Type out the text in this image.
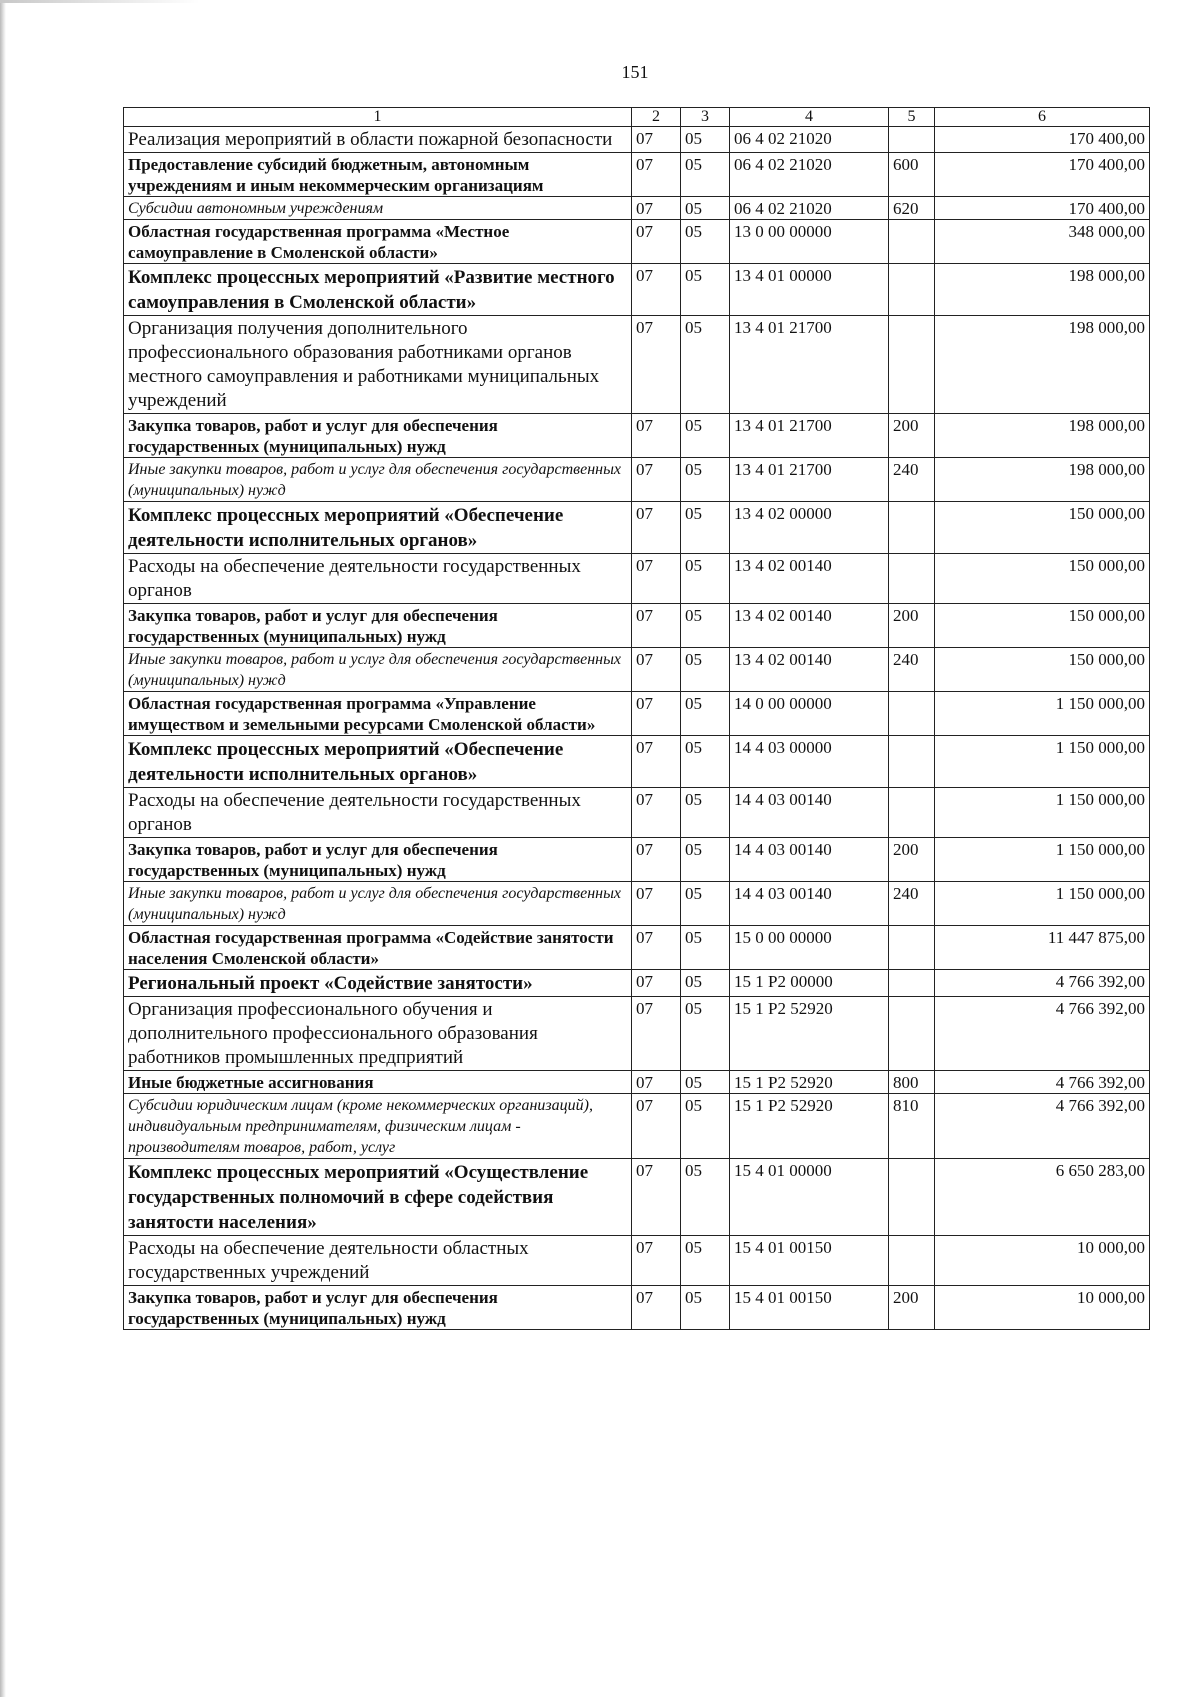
151
1	2	3	4	5	6
Реализация мероприятий в области пожарной безопасности	07	05	06 4 02 21020		170 400,00
Предоставление субсидий бюджетным, автономным учреждениям и иным некоммерческим организациям	07	05	06 4 02 21020	600	170 400,00
Субсидии автономным учреждениям	07	05	06 4 02 21020	620	170 400,00
Областная государственная программа «Местное самоуправление в Смоленской области»	07	05	13 0 00 00000		348 000,00
Комплекс процессных мероприятий «Развитие местного самоуправления в Смоленской области»	07	05	13 4 01 00000		198 000,00
Организация получения дополнительного профессионального образования работниками органов местного самоуправления и работниками муниципальных учреждений	07	05	13 4 01 21700		198 000,00
Закупка товаров, работ и услуг для обеспечения государственных (муниципальных) нужд	07	05	13 4 01 21700	200	198 000,00
Иные закупки товаров, работ и услуг для обеспечения государственных (муниципальных) нужд	07	05	13 4 01 21700	240	198 000,00
Комплекс процессных мероприятий «Обеспечение деятельности исполнительных органов»	07	05	13 4 02 00000		150 000,00
Расходы на обеспечение деятельности государственных органов	07	05	13 4 02 00140		150 000,00
Закупка товаров, работ и услуг для обеспечения государственных (муниципальных) нужд	07	05	13 4 02 00140	200	150 000,00
Иные закупки товаров, работ и услуг для обеспечения государственных (муниципальных) нужд	07	05	13 4 02 00140	240	150 000,00
Областная государственная программа «Управление имуществом и земельными ресурсами Смоленской области»	07	05	14 0 00 00000		1 150 000,00
Комплекс процессных мероприятий «Обеспечение деятельности исполнительных органов»	07	05	14 4 03 00000		1 150 000,00
Расходы на обеспечение деятельности государственных органов	07	05	14 4 03 00140		1 150 000,00
Закупка товаров, работ и услуг для обеспечения государственных (муниципальных) нужд	07	05	14 4 03 00140	200	1 150 000,00
Иные закупки товаров, работ и услуг для обеспечения государственных (муниципальных) нужд	07	05	14 4 03 00140	240	1 150 000,00
Областная государственная программа «Содействие занятости населения Смоленской области»	07	05	15 0 00 00000		11 447 875,00
Региональный проект «Содействие занятости»	07	05	15 1 Р2 00000		4 766 392,00
Организация профессионального обучения и дополнительного профессионального образования работников промышленных предприятий	07	05	15 1 Р2 52920		4 766 392,00
Иные бюджетные ассигнования	07	05	15 1 Р2 52920	800	4 766 392,00
Субсидии юридическим лицам (кроме некоммерческих организаций), индивидуальным предпринимателям, физическим лицам - производителям товаров, работ, услуг	07	05	15 1 Р2 52920	810	4 766 392,00
Комплекс процессных мероприятий «Осуществление государственных полномочий в сфере содействия занятости населения»	07	05	15 4 01 00000		6 650 283,00
Расходы на обеспечение деятельности областных государственных учреждений	07	05	15 4 01 00150		10 000,00
Закупка товаров, работ и услуг для обеспечения государственных (муниципальных) нужд	07	05	15 4 01 00150	200	10 000,00
